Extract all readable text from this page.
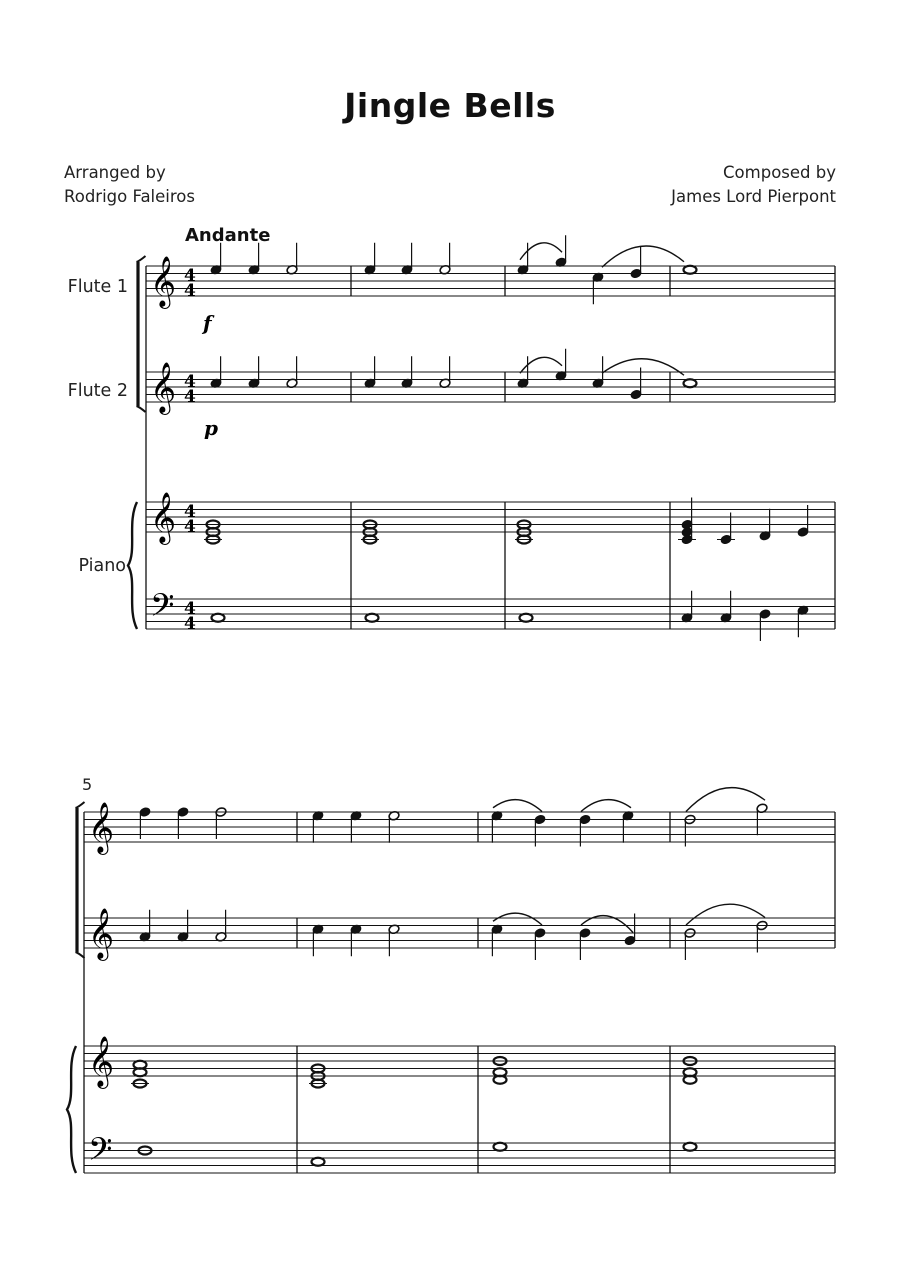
Jingle Bells
Arranged by
Rodrigo Faleiros
Composed by
James Lord Pierpont
Andante
Flute 1
Flute 2
Piano
5
𝄞
𝄞
𝄞
𝄢
4
4
4
4
4
4
4
4
f
p
𝄞
𝄞
𝄞
𝄢
